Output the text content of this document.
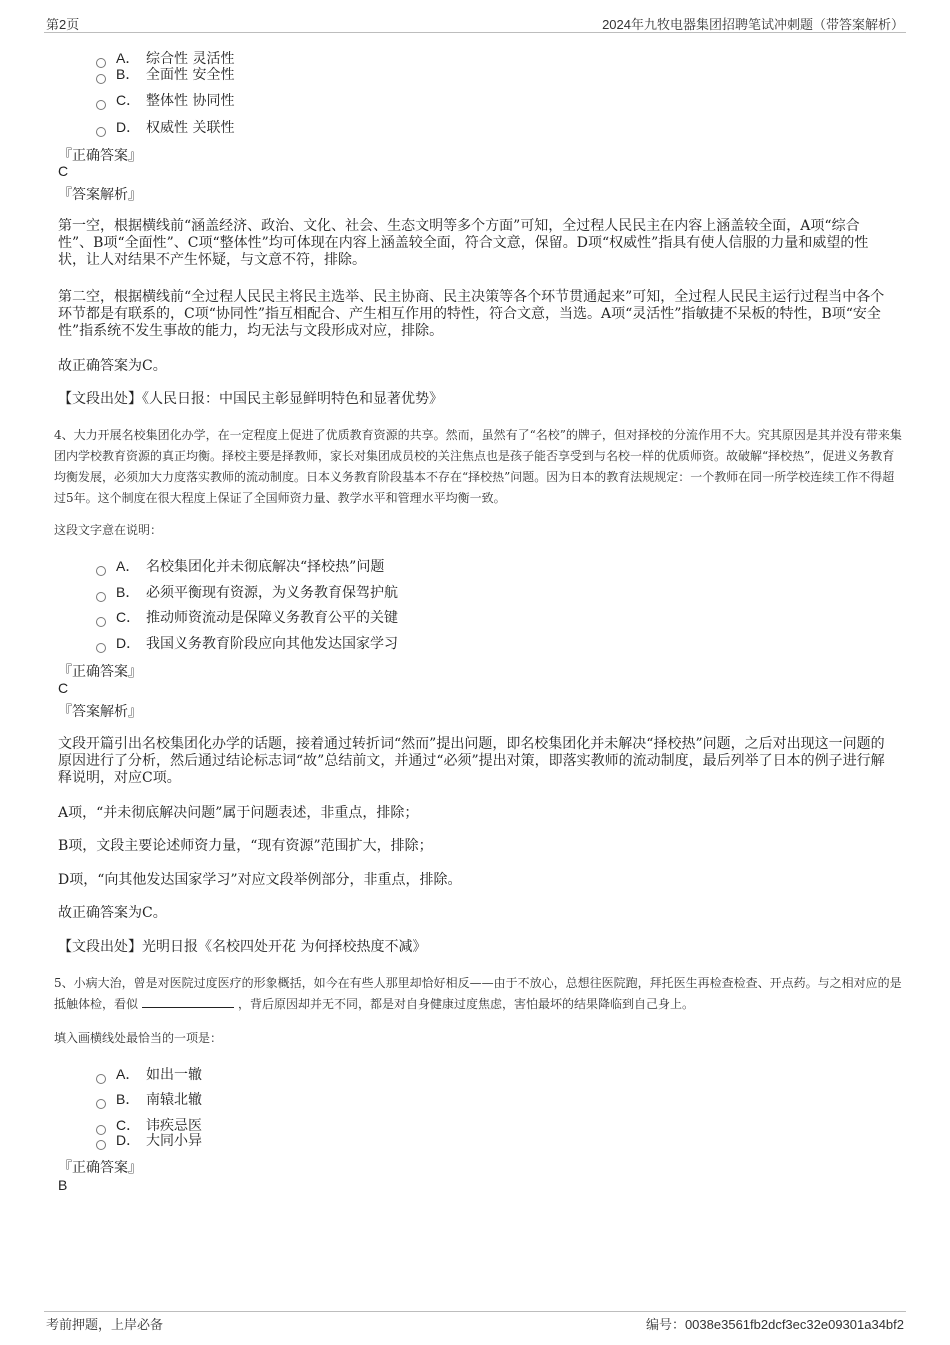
第2页	2024年九牧电器集团招聘笔试冲刺题（带答案解析）
A． 综合性 灵活性
B． 全面性 安全性
C． 整体性 协同性
D． 权威性 关联性
『正确答案』
C
『答案解析』
第一空，根据横线前“涵盖经济、政治、文化、社会、生态文明等多个方面”可知，全过程人民民主在内容上涵盖较全面，A项“综合性”、B项“全面性”、C项“整体性”均可体现在内容上涵盖较全面，符合文意，保留。D项“权威性”指具有使人信服的力量和威望的性状，让人对结果不产生怀疑，与文意不符，排除。
第二空，根据横线前“全过程人民民主将民主选举、民主协商、民主决策等各个环节贯通起来”可知，全过程人民民主运行过程当中各个环节都是有联系的，C项“协同性”指互相配合、产生相互作用的特性，符合文意，当选。A项“灵活性”指敏捷不呆板的特性，B项“安全性”指系统不发生事故的能力，均无法与文段形成对应，排除。
故正确答案为C。
【文段出处】《人民日报：中国民主彰显鲜明特色和显著优势》
4、大力开展名校集团化办学，在一定程度上促进了优质教育资源的共享。然而，虽然有了“名校”的牌子，但对择校的分流作用不大。究其原因是其并没有带来集团内学校教育资源的真正均衡。择校主要是择教师，家长对集团成员校的关注焦点也是孩子能否享受到与名校一样的优质师资。故破解“择校热”，促进义务教育均衡发展，必须加大力度落实教师的流动制度。日本义务教育阶段基本不存在“择校热”问题。因为日本的教育法规规定：一个教师在同一所学校连续工作不得超过5年。这个制度在很大程度上保证了全国师资力量、教学水平和管理水平均衡一致。
这段文字意在说明：
A． 名校集团化并未彻底解决“择校热”问题
B． 必须平衡现有资源，为义务教育保驾护航
C． 推动师资流动是保障义务教育公平的关键
D． 我国义务教育阶段应向其他发达国家学习
『正确答案』
C
『答案解析』
文段开篇引出名校集团化办学的话题，接着通过转折词“然而”提出问题，即名校集团化并未解决“择校热”问题，之后对出现这一问题的原因进行了分析，然后通过结论标志词“故”总结前文，并通过“必须”提出对策，即落实教师的流动制度，最后列举了日本的例子进行解释说明，对应C项。
A项，“并未彻底解决问题”属于问题表述，非重点，排除；
B项，文段主要论述师资力量，“现有资源”范围扩大，排除；
D项，“向其他发达国家学习”对应文段举例部分，非重点，排除。
故正确答案为C。
【文段出处】光明日报《名校四处开花 为何择校热度不减》
5、小病大治，曾是对医院过度医疗的形象概括，如今在有些人那里却恰好相反——由于不放心，总想往医院跑，拜托医生再检查检查、开点药。与之相对应的是抵触体检，看似	，背后原因却并无不同，都是对自身健康过度焦虑，害怕最坏的结果降临到自己身上。
填入画横线处最恰当的一项是：
A． 如出一辙
B． 南辕北辙
C． 讳疾忌医
D． 大同小异
『正确答案』
B
考前押题，上岸必备	编号：0038e3561fb2dcf3ec32e09301a34bf2
